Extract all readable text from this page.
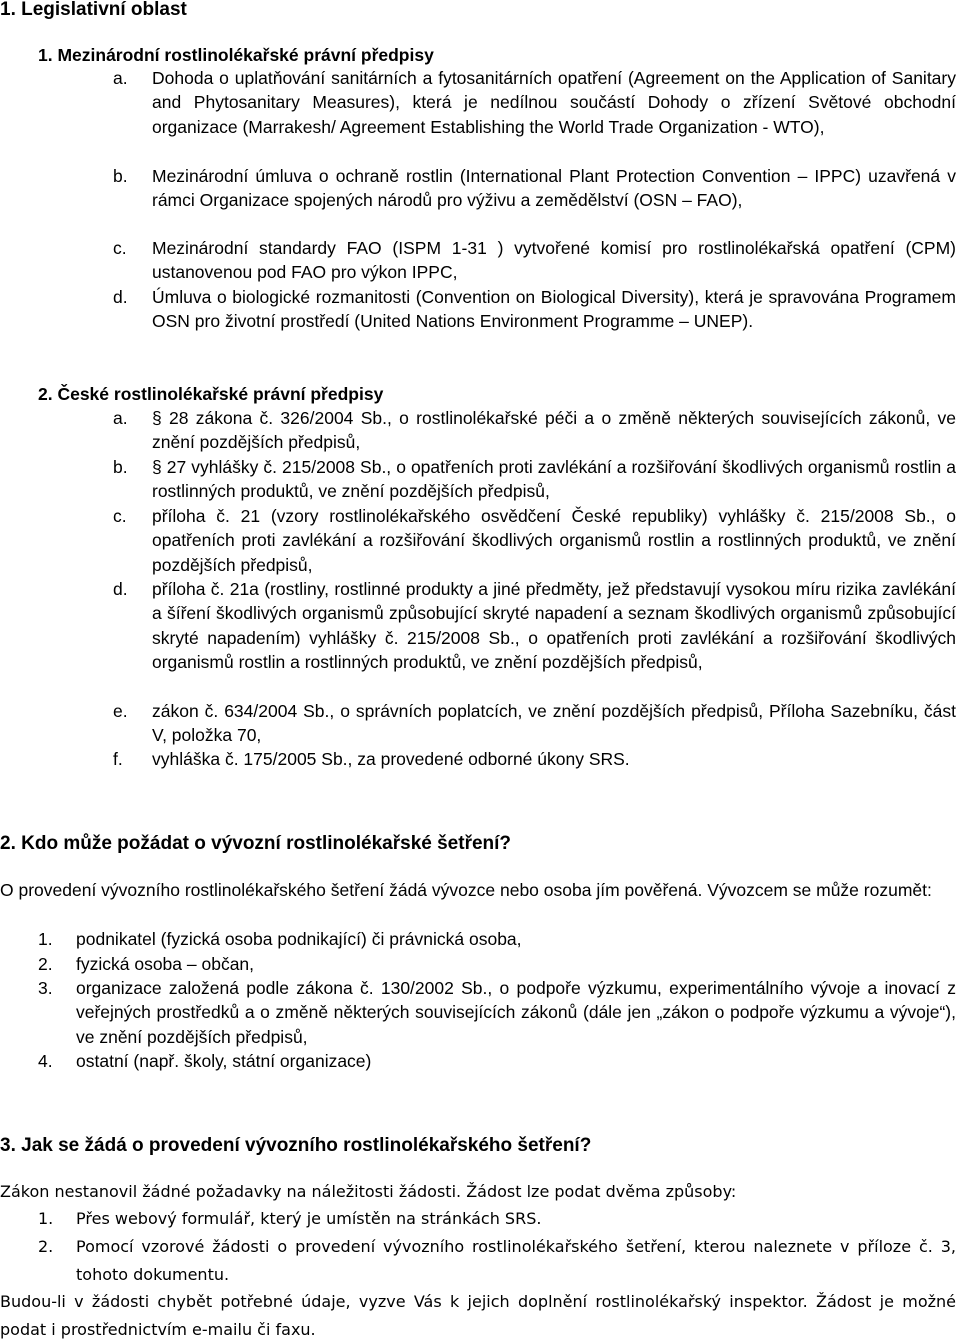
1. Legislativní oblast
1. Mezinárodní rostlinolékařské právní předpisy
a. Dohoda o uplatňování sanitárních a fytosanitárních opatření (Agreement on the Application of Sanitary and Phytosanitary Measures), která je nedílnou součástí Dohody o zřízení Světové obchodní organizace (Marrakesh/ Agreement Establishing the World Trade Organization - WTO),
b. Mezinárodní úmluva o ochraně rostlin (International Plant Protection Convention – IPPC) uzavřená v rámci Organizace spojených národů pro výživu a zemědělství (OSN – FAO),
c. Mezinárodní standardy FAO (ISPM 1-31 ) vytvořené komisí pro rostlinolékařská opatření (CPM) ustanovenou pod FAO pro výkon IPPC,
d. Úmluva o biologické rozmanitosti (Convention on Biological Diversity), která je spravována Programem OSN pro životní prostředí (United Nations Environment Programme – UNEP).
2. České rostlinolékařské právní předpisy
a. § 28 zákona č. 326/2004 Sb., o rostlinolékařské péči a o změně některých souvisejících zákonů, ve znění pozdějších předpisů,
b. § 27 vyhlášky č. 215/2008 Sb., o opatřeních proti zavlékání a rozšiřování škodlivých organismů rostlin a rostlinných produktů, ve znění pozdějších předpisů,
c. příloha č. 21 (vzory rostlinolékařského osvědčení České republiky) vyhlášky č. 215/2008 Sb., o opatřeních proti zavlékání a rozšiřování škodlivých organismů rostlin a rostlinných produktů, ve znění pozdějších předpisů,
d. příloha č. 21a (rostliny, rostlinné produkty a jiné předměty, jež představují vysokou míru rizika zavlékání a šíření škodlivých organismů způsobující skryté napadení a seznam škodlivých organismů způsobující skryté napadením) vyhlášky č. 215/2008 Sb., o opatřeních proti zavlékání a rozšiřování škodlivých organismů rostlin a rostlinných produktů, ve znění pozdějších předpisů,
e. zákon č. 634/2004 Sb., o správních poplatcích, ve znění pozdějších předpisů, Příloha Sazebníku, část V, položka 70,
f. vyhláška č. 175/2005 Sb., za provedené odborné úkony SRS.
2. Kdo může požádat o vývozní rostlinolékařské šetření?
O provedení vývozního rostlinolékařského šetření žádá vývozce nebo osoba jím pověřená. Vývozcem se může rozumět:
1. podnikatel (fyzická osoba podnikající) či právnická osoba,
2. fyzická osoba – občan,
3. organizace založená podle zákona č. 130/2002 Sb., o podpoře výzkumu, experimentálního vývoje a inovací z veřejných prostředků a o změně některých souvisejících zákonů (dále jen „zákon o podpoře výzkumu a vývoje“), ve znění pozdějších předpisů,
4. ostatní (např. školy, státní organizace)
3. Jak se žádá o provedení vývozního rostlinolékařského šetření?
Zákon nestanovil žádné požadavky na náležitosti žádosti. Žádost lze podat dvěma způsoby:
1. Přes webový formulář, který je umístěn na stránkách SRS.
2. Pomocí vzorové žádosti o provedení vývozního rostlinolékařského šetření, kterou naleznete v příloze č. 3, tohoto dokumentu.
Budou-li v žádosti chybět potřebné údaje, vyzve Vás k jejich doplnění rostlinolékařský inspektor. Žádost je možné podat i prostřednictvím e-mailu či faxu.
